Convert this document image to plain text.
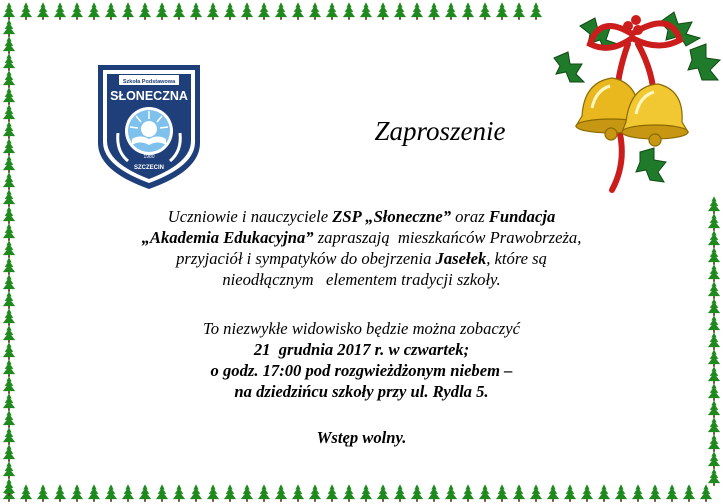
Szkoła Podstawowa
SŁONECZNA
1980
SZCZECIN
Zaproszenie
Uczniowie i nauczyciele ZSP „Słoneczne” oraz Fundacja
„Akademia Edukacyjna” zapraszają  mieszkańców Prawobrzeża,
przyjaciół i sympatyków do obejrzenia Jasełek, które są
nieodłącznym   elementem tradycji szkoły.
To niezwykłe widowisko będzie można zobaczyć
21  grudnia 2017 r. w czwartek;
o godz. 17:00 pod rozgwieżdżonym niebem –
na dziedzińcu szkoły przy ul. Rydla 5.
Wstęp wolny.
